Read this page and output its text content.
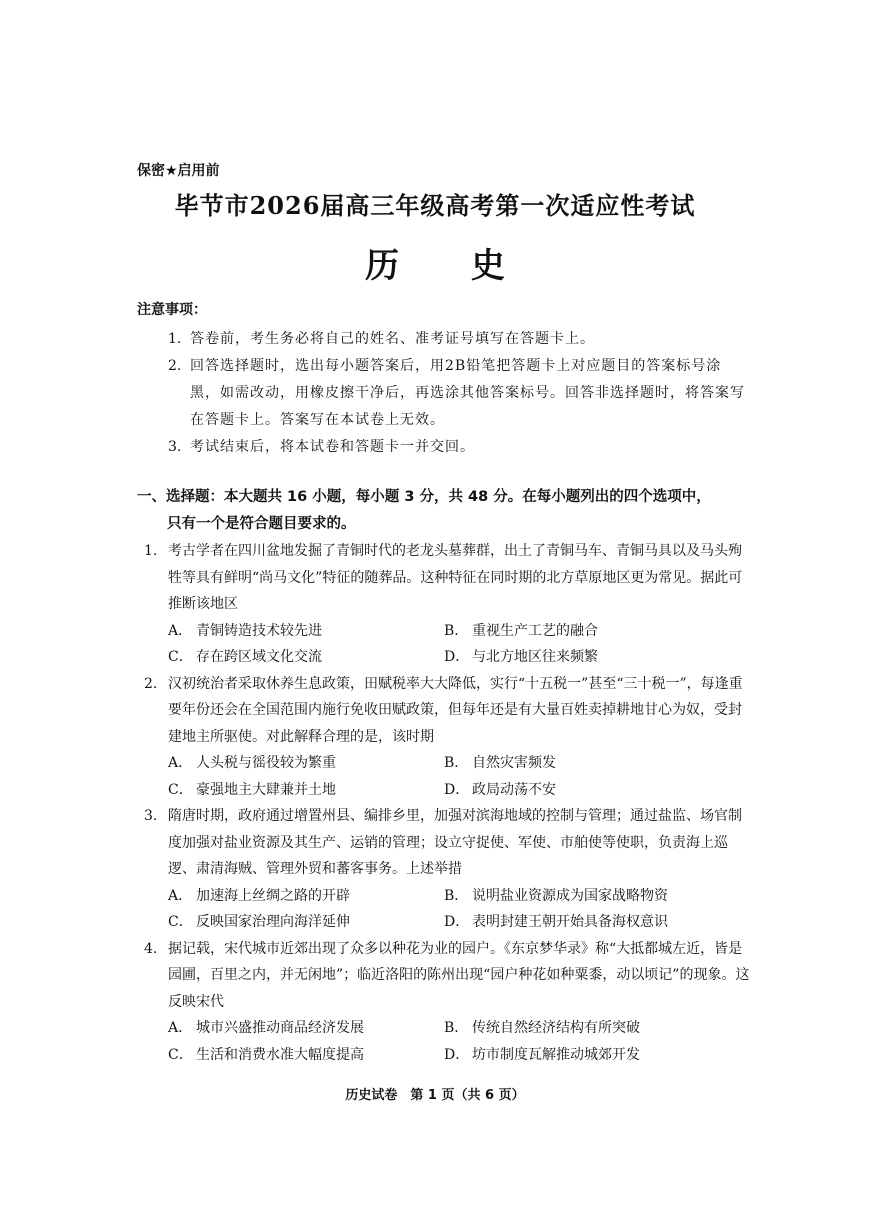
保密★启用前
毕节市2026届高三年级高考第一次适应性考试
历 史
注意事项：
1. 答卷前，考生务必将自己的姓名、准考证号填写在答题卡上。
2. 回答选择题时，选出每小题答案后，用2B铅笔把答题卡上对应题目的答案标号涂黑，如需改动，用橡皮擦干净后，再选涂其他答案标号。回答非选择题时，将答案写在答题卡上。答案写在本试卷上无效。
3. 考试结束后，将本试卷和答题卡一并交回。
一、选择题：本大题共 16 小题，每小题 3 分，共 48 分。在每小题列出的四个选项中，
只有一个是符合题目要求的。
1. 考古学者在四川盆地发掘了青铜时代的老龙头墓葬群，出土了青铜马车、青铜马具以及马头殉牲等具有鲜明“尚马文化”特征的随葬品。这种特征在同时期的北方草原地区更为常见。据此可推断该地区
A． 青铜铸造技术较先进	B． 重视生产工艺的融合
C． 存在跨区域文化交流	D． 与北方地区往来频繁
2. 汉初统治者采取休养生息政策，田赋税率大大降低，实行“十五税一”甚至“三十税一”，每逢重要年份还会在全国范围内施行免收田赋政策，但每年还是有大量百姓卖掉耕地甘心为奴，受封建地主所驱使。对此解释合理的是，该时期
A． 人头税与徭役较为繁重	B． 自然灾害频发
C． 豪强地主大肆兼并土地	D． 政局动荡不安
3. 隋唐时期，政府通过增置州县、编排乡里，加强对滨海地域的控制与管理；通过盐监、场官制度加强对盐业资源及其生产、运销的管理；设立守捉使、军使、市舶使等使职，负责海上巡逻、肃清海贼、管理外贸和蕃客事务。上述举措
A． 加速海上丝绸之路的开辟	B． 说明盐业资源成为国家战略物资
C． 反映国家治理向海洋延伸	D． 表明封建王朝开始具备海权意识
4. 据记载，宋代城市近郊出现了众多以种花为业的园户。《东京梦华录》称“大抵都城左近，皆是园圃，百里之内，并无闲地”；临近洛阳的陈州出现“园户种花如种粟黍，动以顷记”的现象。这反映宋代
A． 城市兴盛推动商品经济发展	B． 传统自然经济结构有所突破
C． 生活和消费水准大幅度提高	D． 坊市制度瓦解推动城郊开发
历史试卷　第 1 页（共 6 页）
